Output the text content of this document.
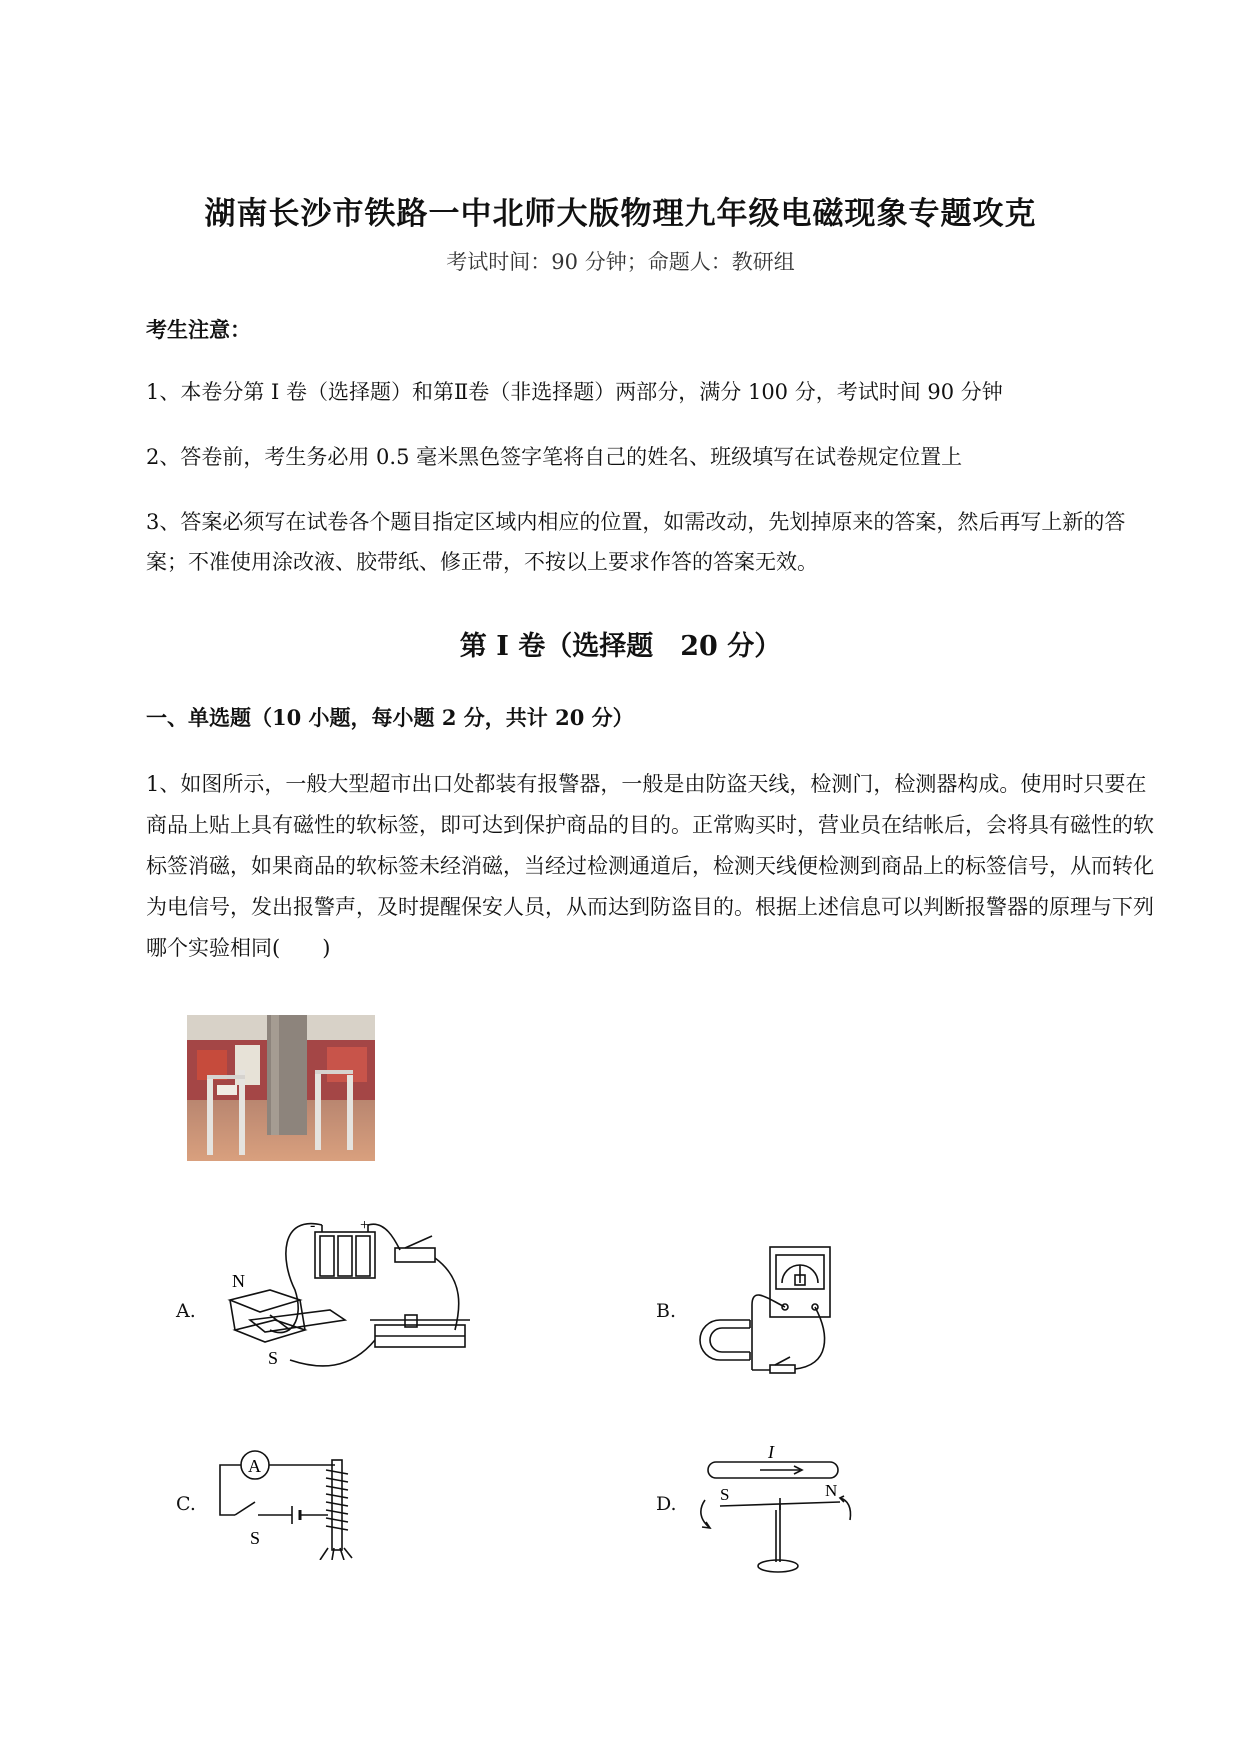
湖南长沙市铁路一中北师大版物理九年级电磁现象专题攻克
考试时间：90 分钟；命题人：教研组
考生注意：
1、本卷分第 I 卷（选择题）和第Ⅱ卷（非选择题）两部分，满分 100 分，考试时间 90 分钟
2、答卷前，考生务必用 0.5 毫米黑色签字笔将自己的姓名、班级填写在试卷规定位置上
3、答案必须写在试卷各个题目指定区域内相应的位置，如需改动，先划掉原来的答案，然后再写上新的答案；不准使用涂改液、胶带纸、修正带，不按以上要求作答的答案无效。
第 I 卷（选择题　20 分）
一、单选题（10 小题，每小题 2 分，共计 20 分）
1、如图所示，一般大型超市出口处都装有报警器，一般是由防盗天线，检测门，检测器构成。使用时只要在商品上贴上具有磁性的软标签，即可达到保护商品的目的。正常购买时，营业员在结帐后，会将具有磁性的软标签消磁，如果商品的软标签未经消磁，当经过检测通道后，检测天线便检测到商品上的标签信号，从而转化为电信号，发出报警声，及时提醒保安人员，从而达到防盗目的。根据上述信息可以判断报警器的原理与下列哪个实验相同(　　)
A.
N
S
-	+
B.
C.
A
S
D.
I
S	N
